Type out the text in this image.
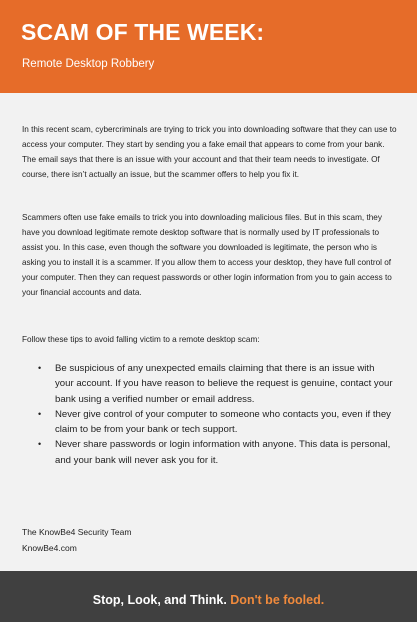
SCAM OF THE WEEK:
Remote Desktop Robbery

In this recent scam, cybercriminals are trying to trick you into downloading software that they can use to access your computer. They start by sending you a fake email that appears to come from your bank. The email says that there is an issue with your account and that their team needs to investigate. Of course, there isn’t actually an issue, but the scammer offers to help you fix it.

Scammers often use fake emails to trick you into downloading malicious files. But in this scam, they have you download legitimate remote desktop software that is normally used by IT professionals to assist you. In this case, even though the software you downloaded is legitimate, the person who is asking you to install it is a scammer. If you allow them to access your desktop, they have full control of your computer. Then they can request passwords or other login information from you to gain access to your financial accounts and data.

Follow these tips to avoid falling victim to a remote desktop scam:

• Be suspicious of any unexpected emails claiming that there is an issue with your account. If you have reason to believe the request is genuine, contact your bank using a verified number or email address.
• Never give control of your computer to someone who contacts you, even if they claim to be from your bank or tech support.
• Never share passwords or login information with anyone. This data is personal, and your bank will never ask you for it.
The KnowBe4 Security Team
KnowBe4.com
Stop, Look, and Think. Don't be fooled.
